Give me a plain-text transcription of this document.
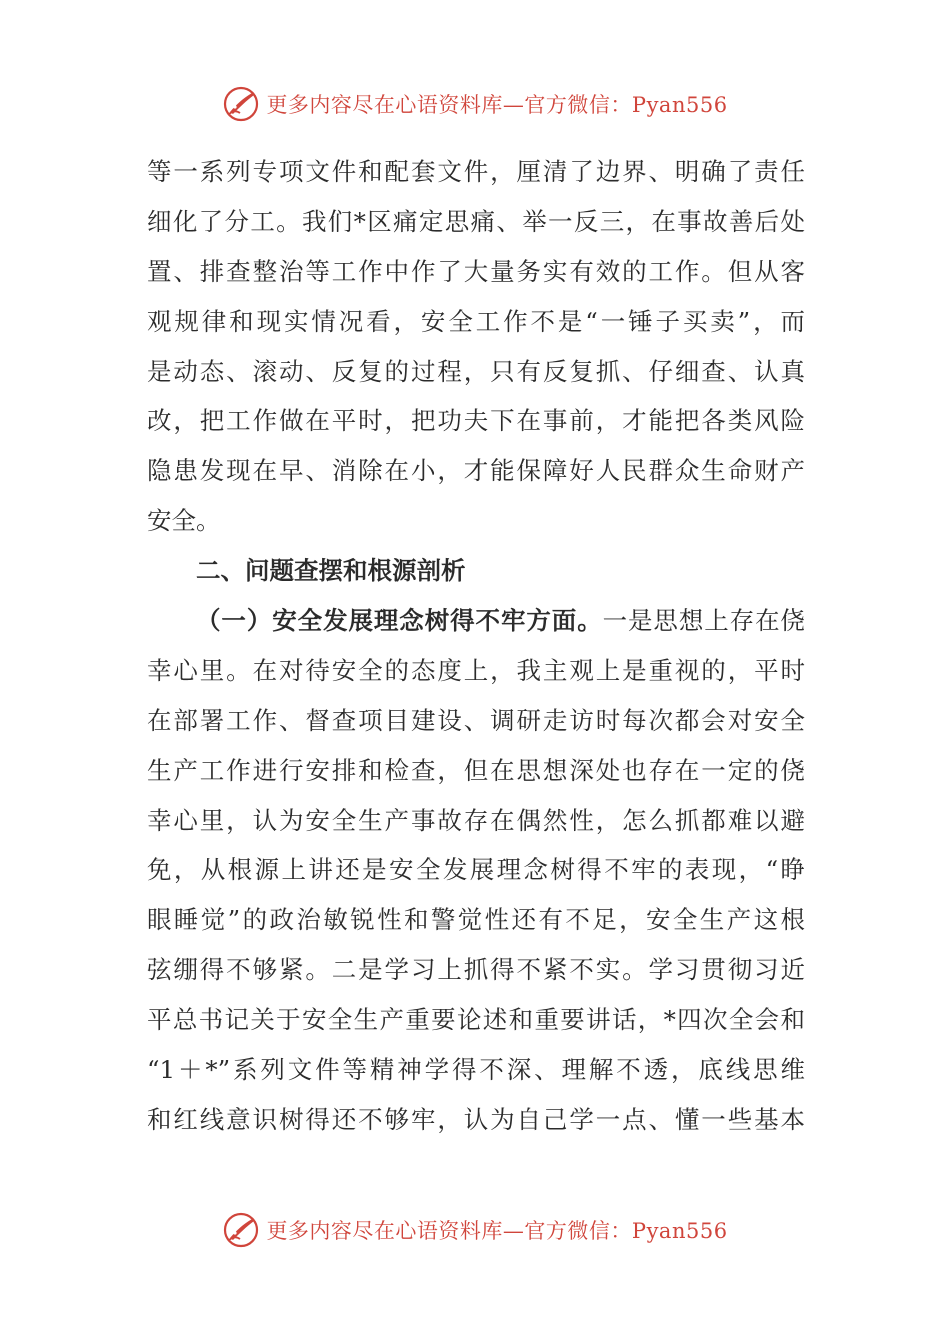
更多内容尽在心语资料库—官方微信：Pyan556
等一系列专项文件和配套文件，厘清了边界、明确了责任
细化了分工。我们*区痛定思痛、举一反三，在事故善后处
置、排查整治等工作中作了大量务实有效的工作。但从客
观规律和现实情况看，安全工作不是“一锤子买卖”，而
是动态、滚动、反复的过程，只有反复抓、仔细查、认真
改，把工作做在平时，把功夫下在事前，才能把各类风险
隐患发现在早、消除在小，才能保障好人民群众生命财产
安全。
二、问题查摆和根源剖析
（一）安全发展理念树得不牢方面。一是思想上存在侥
幸心里。在对待安全的态度上，我主观上是重视的，平时
在部署工作、督查项目建设、调研走访时每次都会对安全
生产工作进行安排和检查，但在思想深处也存在一定的侥
幸心里，认为安全生产事故存在偶然性，怎么抓都难以避
免，从根源上讲还是安全发展理念树得不牢的表现，“睁
眼睡觉”的政治敏锐性和警觉性还有不足，安全生产这根
弦绷得不够紧。二是学习上抓得不紧不实。学习贯彻习近
平总书记关于安全生产重要论述和重要讲话，*四次全会和
“1＋*”系列文件等精神学得不深、理解不透，底线思维
和红线意识树得还不够牢，认为自己学一点、懂一些基本
更多内容尽在心语资料库—官方微信：Pyan556
